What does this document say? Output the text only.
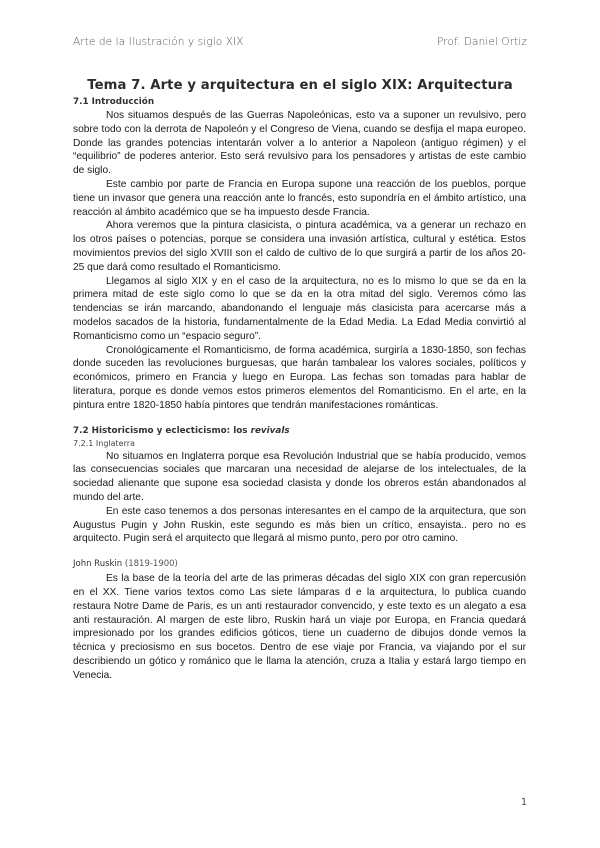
Arte de la Ilustración y siglo XIX	Prof. Daniel Ortiz
Tema 7. Arte y arquitectura en el siglo XIX: Arquitectura
7.1 Introducción

Nos situamos después de las Guerras Napoleónicas, esto va a suponer un revulsivo, pero sobre todo con la derrota de Napoleón y el Congreso de Viena, cuando se desfija el mapa europeo. Donde las grandes potencias intentarán volver a lo anterior a Napoleon (antiguo régimen) y el “equilibrio” de poderes anterior. Esto será revulsivo para los pensadores y artistas de este cambio de siglo.

Este cambio por parte de Francia en Europa supone una reacción de los pueblos, porque tiene un invasor que genera una reacción ante lo francés, esto supondría en el ámbito artístico, una reacción al ámbito académico que se ha impuesto desde Francia.

Ahora veremos que la pintura clasicista, o pintura académica, va a generar un rechazo en los otros países o potencias, porque se considera una invasión artística, cultural y estética. Estos movimientos previos del siglo XVIII son el caldo de cultivo de lo que surgirá a partir de los años 20-25 que dará como resultado el Romanticismo.

Llegamos al siglo XIX y en el caso de la arquitectura, no es lo mismo lo que se da en la primera mitad de este siglo como lo que se da en la otra mitad del siglo. Veremos cómo las tendencias se irán marcando, abandonando el lenguaje más clasicista para acercarse más a modelos sacados de la historia, fundamentalmente de la Edad Media. La Edad Media convirtió al Romanticismo como un “espacio seguro”.

Cronológicamente el Romanticismo, de forma académica, surgiría a 1830-1850, son fechas donde suceden las revoluciones burguesas, que harán tambalear los valores sociales, políticos y económicos, primero en Francia y luego en Europa. Las fechas son tomadas para hablar de literatura, porque es donde vemos estos primeros elementos del Romanticismo. En el arte, en la pintura entre 1820-1850 había pintores que tendrán manifestaciones románticas.

7.2 Historicismo y eclecticismo: los revivals
7.2.1 Inglaterra

No situamos en Inglaterra porque esa Revolución Industrial que se había producido, vemos las consecuencias sociales que marcaran una necesidad de alejarse de los intelectuales, de la sociedad alienante que supone esa sociedad clasista y donde los obreros están abandonados al mundo del arte.

En este caso tenemos a dos personas interesantes en el campo de la arquitectura, que son Augustus Pugin y John Ruskin, este segundo es más bien un crítico, ensayista.. pero no es arquitecto. Pugin será el arquitecto que llegará al mismo punto, pero por otro camino.

John Ruskin (1819-1900)

Es la base de la teoría del arte de las primeras décadas del siglo XIX con gran repercusión en el XX. Tiene varios textos como Las siete lámparas d e la arquitectura, lo publica cuando restaura Notre Dame de Paris, es un anti restaurador convencido, y este texto es un alegato a esa anti restauración. Al margen de este libro, Ruskin hará un viaje por Europa, en Francia quedará impresionado por los grandes edificios góticos, tiene un cuaderno de dibujos donde vemos la técnica y preciosismo en sus bocetos. Dentro de ese viaje por Francia, va viajando por el sur describiendo un gótico y románico que le llama la atención, cruza a Italia y estará largo tiempo en Venecia.

1
